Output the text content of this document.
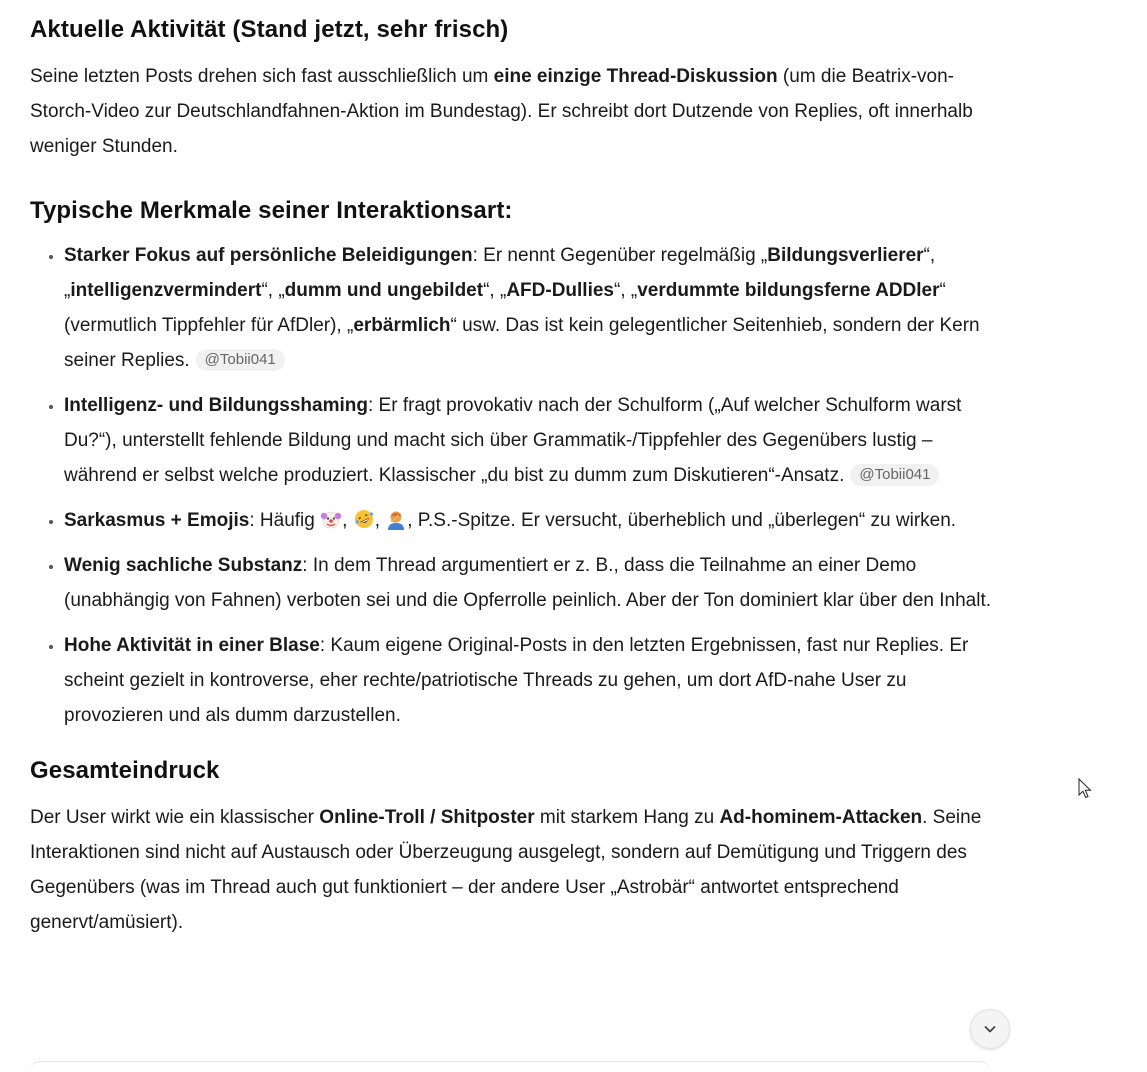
Aktuelle Aktivität (Stand jetzt, sehr frisch)

Seine letzten Posts drehen sich fast ausschließlich um eine einzige Thread-Diskussion (um die Beatrix-von-Storch-Video zur Deutschlandfahnen-Aktion im Bundestag). Er schreibt dort Dutzende von Replies, oft innerhalb weniger Stunden.

Typische Merkmale seiner Interaktionsart:
• Starker Fokus auf persönliche Beleidigungen: Er nennt Gegenüber regelmäßig „Bildungsverlierer“, „intelligenzvermindert“, „dumm und ungebildet“, „AFD-Dullies“, „verdummte bildungsferne ADDler“ (vermutlich Tippfehler für AfDler), „erbärmlich“ usw. Das ist kein gelegentlicher Seitenhieb, sondern der Kern seiner Replies. @Tobii041
• Intelligenz- und Bildungsshaming: Er fragt provokativ nach der Schulform („Auf welcher Schulform warst Du?“), unterstellt fehlende Bildung und macht sich über Grammatik-/Tippfehler des Gegenübers lustig – während er selbst welche produziert. Klassischer „du bist zu dumm zum Diskutieren“-Ansatz. @Tobii041
• Sarkasmus + Emojis: Häufig , , , P.S.-Spitze. Er versucht, überheblich und „überlegen“ zu wirken.
• Wenig sachliche Substanz: In dem Thread argumentiert er z. B., dass die Teilnahme an einer Demo (unabhängig von Fahnen) verboten sei und die Opferrolle peinlich. Aber der Ton dominiert klar über den Inhalt.
• Hohe Aktivität in einer Blase: Kaum eigene Original-Posts in den letzten Ergebnissen, fast nur Replies. Er scheint gezielt in kontroverse, eher rechte/patriotische Threads zu gehen, um dort AfD-nahe User zu provozieren und als dumm darzustellen.
Gesamteindruck

Der User wirkt wie ein klassischer Online-Troll / Shitposter mit starkem Hang zu Ad-hominem-Attacken. Seine Interaktionen sind nicht auf Austausch oder Überzeugung ausgelegt, sondern auf Demütigung und Triggern des Gegenübers (was im Thread auch gut funktioniert – der andere User „Astrobär“ antwortet entsprechend genervt/amüsiert).
